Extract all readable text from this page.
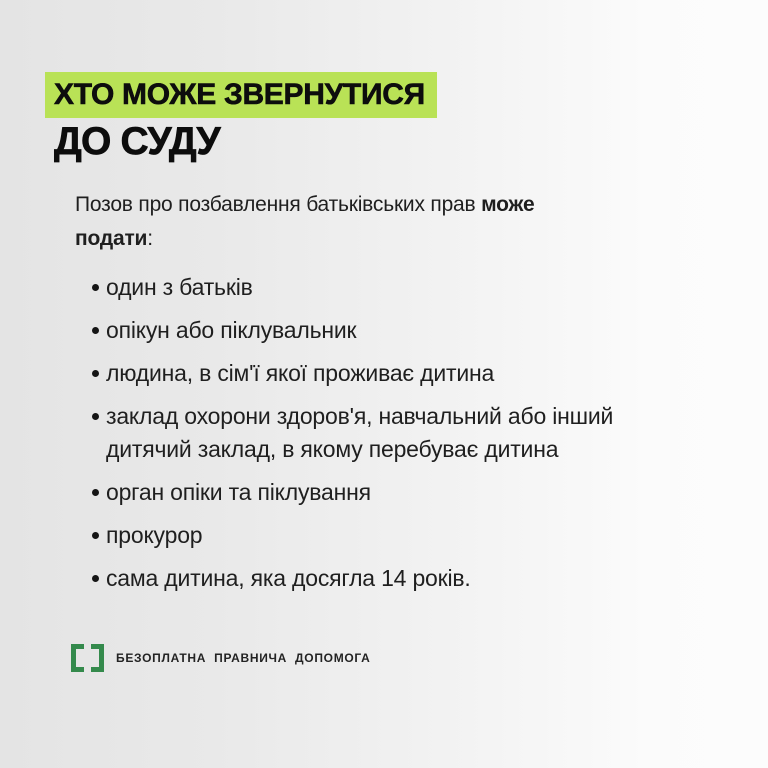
ХТО МОЖЕ ЗВЕРНУТИСЯ
ДО СУДУ

Позов про позбавлення батьківських прав може
подати:

один з батьків
опікун або піклувальник
людина, в сім'ї якої проживає дитина
заклад охорони здоров'я, навчальний або інший дитячий заклад, в якому перебуває дитина
орган опіки та піклування
прокурор
сама дитина, яка досягла 14 років.
БЕЗОПЛАТНА ПРАВНИЧА ДОПОМОГА
